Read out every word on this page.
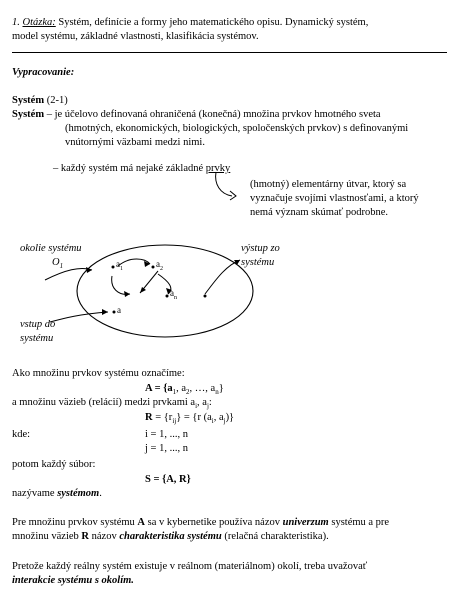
1. Otázka: Systém, definície a formy jeho matematického opisu. Dynamický systém,
model systému, základné vlastnosti, klasifikácia systémov.
Vypracovanie:
Systém (2-1)
Systém – je účelovo definovaná ohraničená (konečná) množina prvkov hmotného sveta
(hmotných, ekonomických, biologických, spoločenských prvkov) s definovanými
vnútornými väzbami medzi nimi.
– každý systém má nejaké základné prvky
(hmotný) elementárny útvar, ktorý sa
vyznačuje svojími vlastnosťami, a ktorý
nemá význam skúmať podrobne.
okolie systému
$O_1$
výstup zo
systému
vstup do
systému
$a_1$	$a_2$
$a_n$
a
Ako množinu prvkov systému označíme:
$A = \{a_1$, $a_2$, …, $a_n$}
a množinu väzieb (relácií) medzi prvkami $a_i$, $a_j$:
$R = \{r_{ij}\} = \{r$ ($a_i$, $a_j$)}
kde:	i = 1, ..., n
j = 1, ..., n
potom každý súbor:
S = {A, R}
nazývame systémom.
Pre množinu prvkov systému A sa v kybernetike používa názov univerzum systému a pre
množinu väzieb R názov charakteristika systému (relačná charakteristika).
Pretože každý reálny systém existuje v reálnom (materiálnom) okolí, treba uvažovať
interakcie systému s okolím.
